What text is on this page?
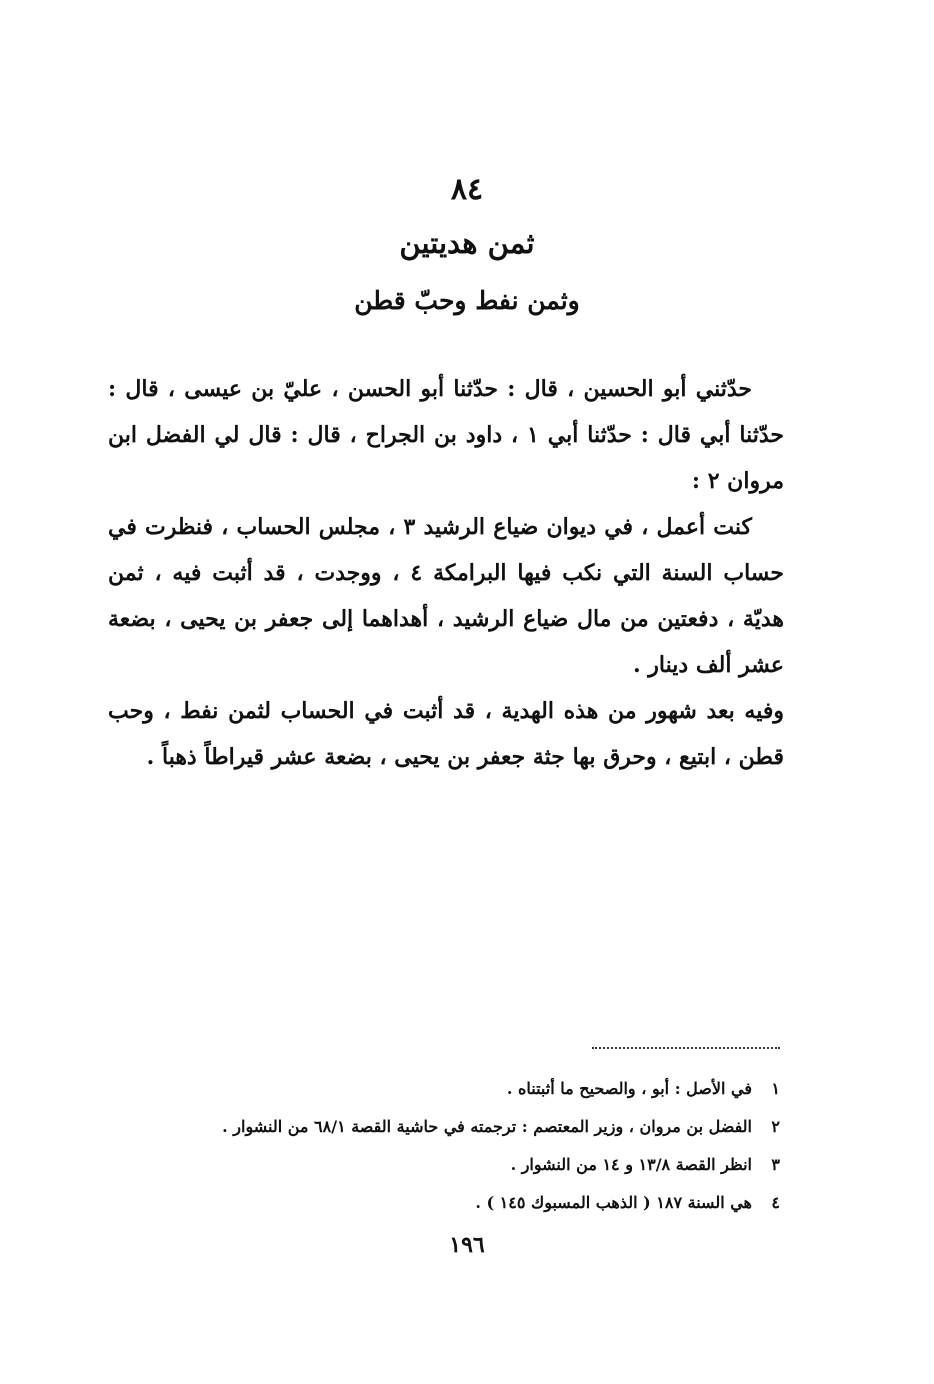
٨٤
ثمن هديتين
وثمن نفط وحبّ قطن

حدّثني أبو الحسين ، قال : حدّثنا أبو الحسن ، عليّ بن عيسى ، قال : حدّثنا أبي قال : حدّثنا أبي ١ ، داود بن الجراح ، قال : قال لي الفضل ابن مروان ٢ :

كنت أعمل ، في ديوان ضياع الرشيد ٣ ، مجلس الحساب ، فنظرت في حساب السنة التي نكب فيها البرامكة ٤ ، ووجدت ، قد أثبت فيه ، ثمن هديّة ، دفعتين من مال ضياع الرشيد ، أهداهما إلى جعفر بن يحيى ، بضعة عشر ألف دينار .

وفيه بعد شهور من هذه الهدية ، قد أثبت في الحساب لثمن نفط ، وحب قطن ، ابتيع ، وحرق بها جثة جعفر بن يحيى ، بضعة عشر قيراطاً ذهباً .

١في الأصل : أبو ، والصحيح ما أثبتناه .
٢الفضل بن مروان ، وزير المعتصم : ترجمته في حاشية القصة ٦٨/١ من النشوار .
٣انظر القصة ١٣/٨ و ١٤ من النشوار .
٤هي السنة ١٨٧ ( الذهب المسبوك ١٤٥ ) .
١٩٦
